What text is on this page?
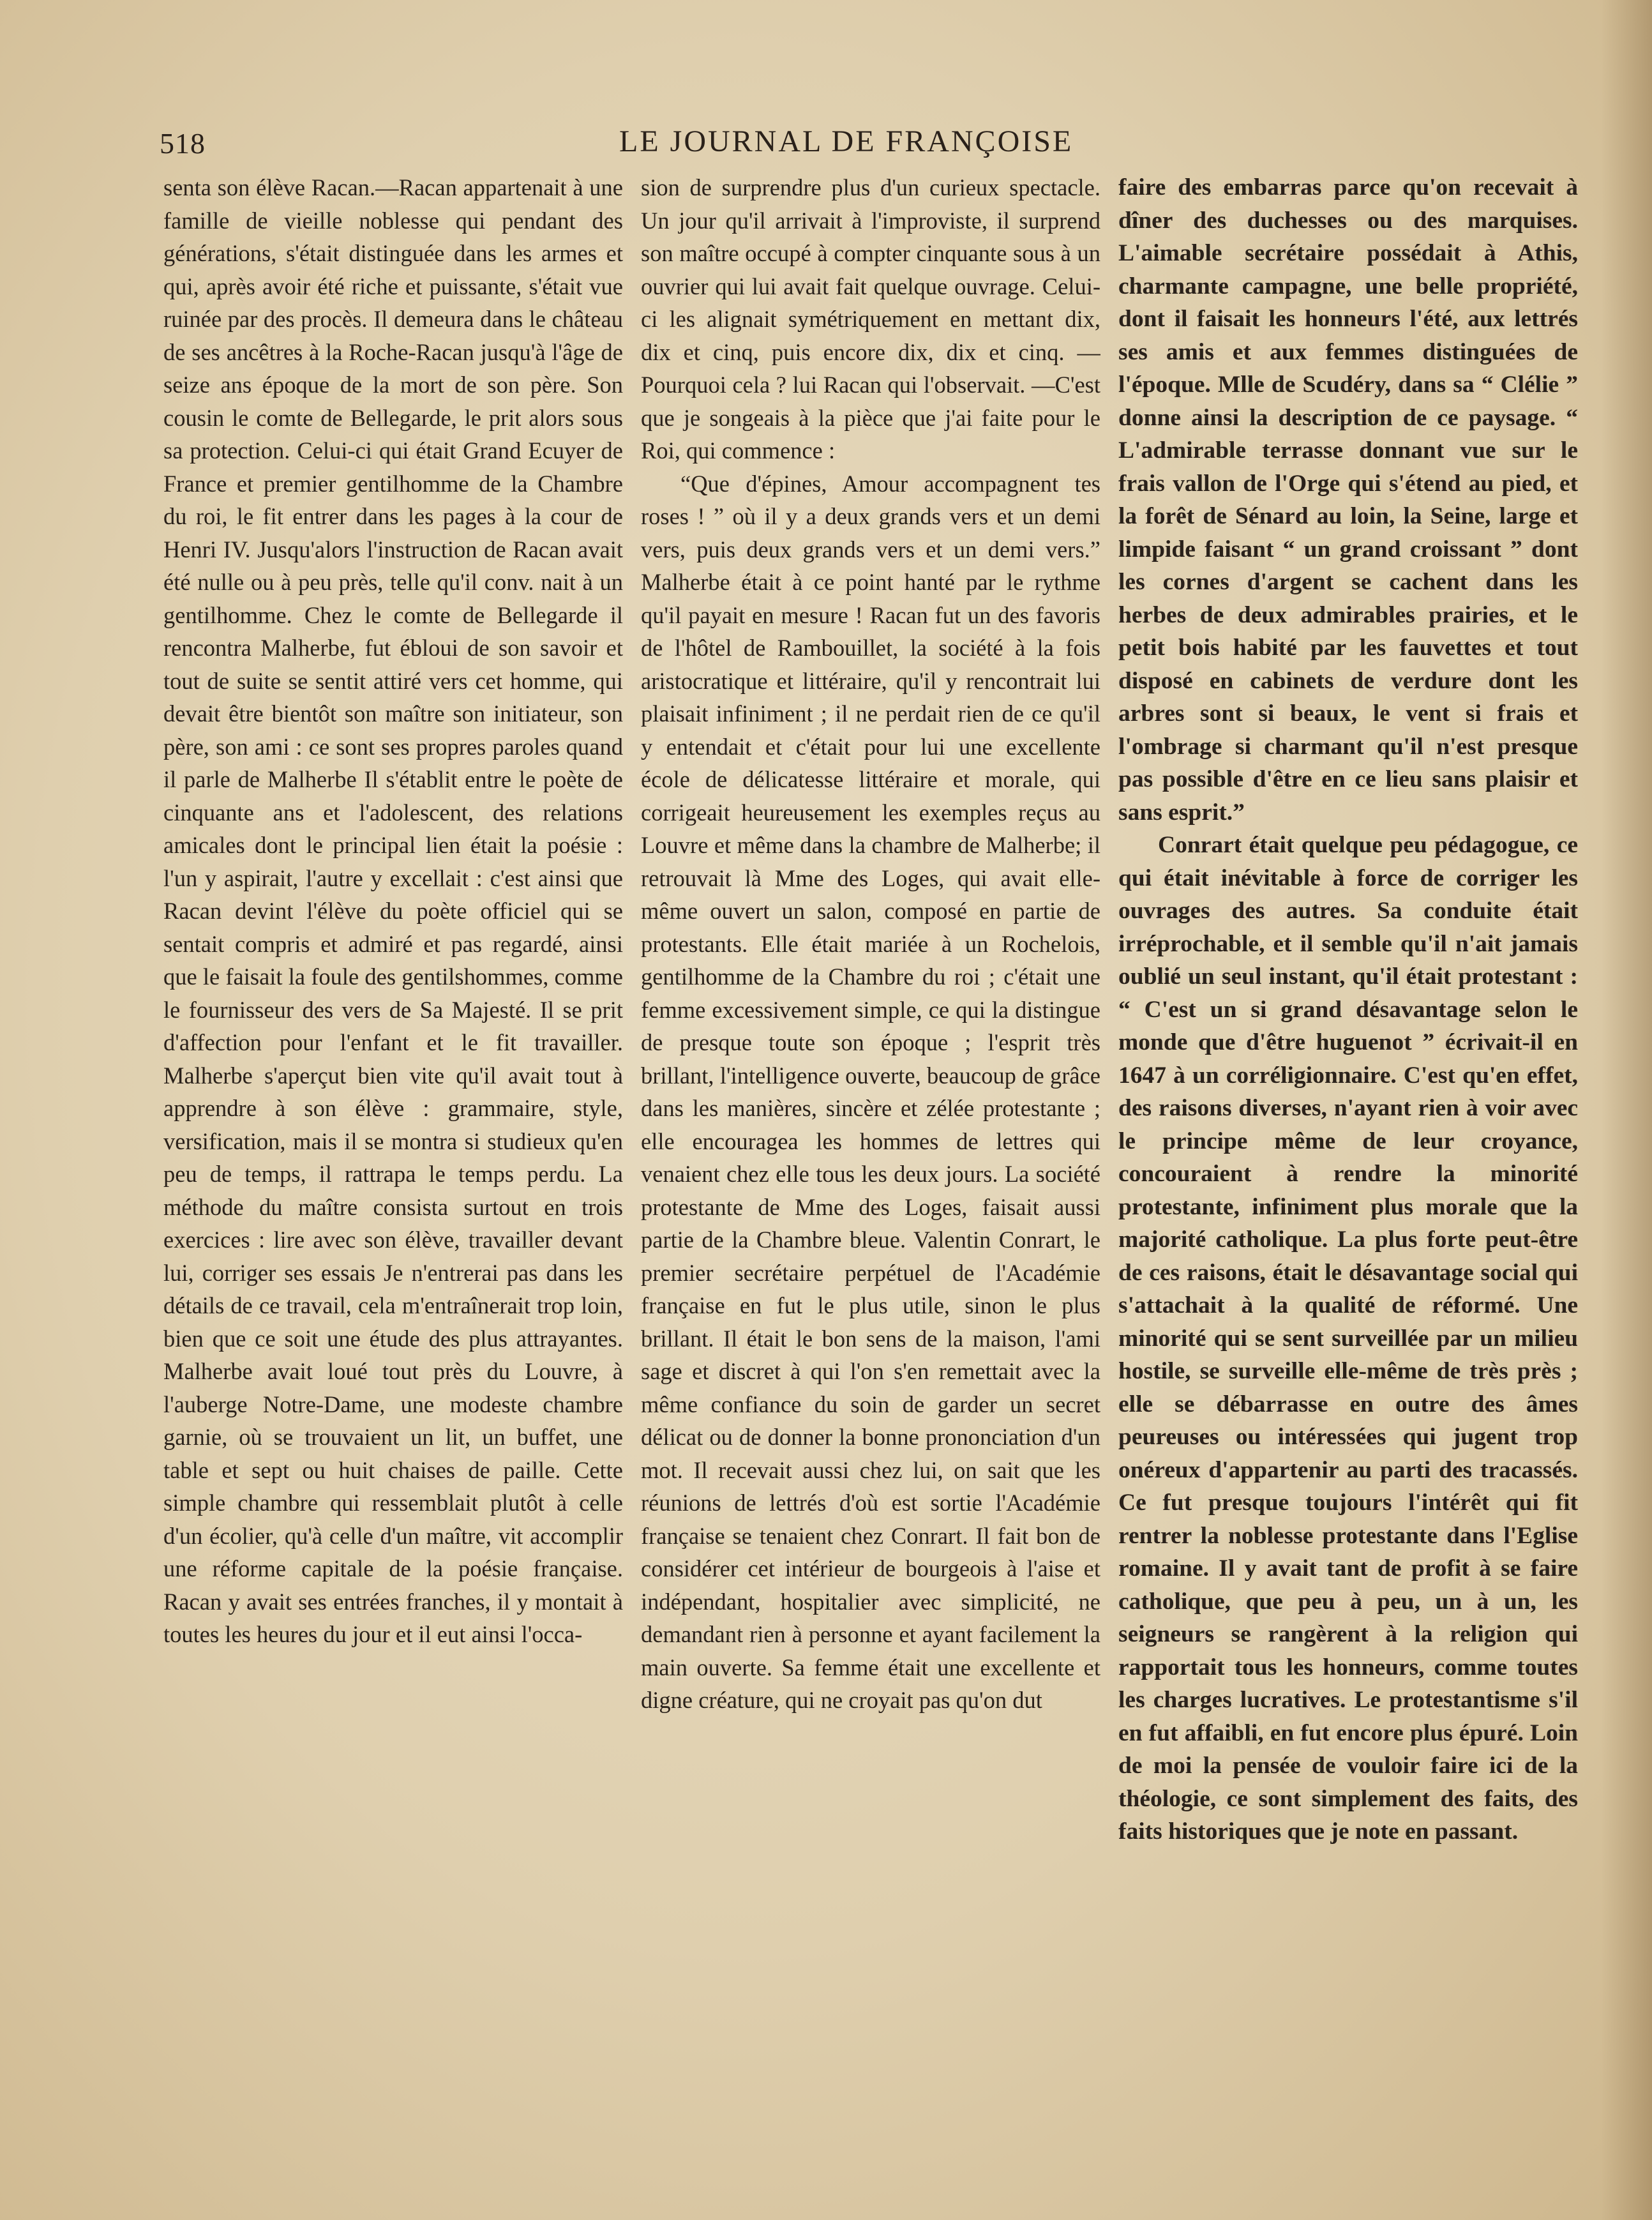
518	LE JOURNAL DE FRANÇOISE

senta son élève Racan.—Racan appartenait à une famille de vieille noblesse qui pendant des générations, s'était distinguée dans les armes et qui, après avoir été riche et puissante, s'était vue ruinée par des procès. Il demeura dans le château de ses ancêtres à la Roche-Racan jusqu'à l'âge de seize ans époque de la mort de son père. Son cousin le comte de Bellegarde, le prit alors sous sa protection. Celui-ci qui était Grand Ecuyer de France et premier gentilhomme de la Chambre du roi, le fit entrer dans les pages à la cour de Henri IV. Jusqu'alors l'instruction de Racan avait été nulle ou à peu près, telle qu'il conv. nait à un gentilhomme. Chez le comte de Bellegarde il rencontra Malherbe, fut ébloui de son savoir et tout de suite se sentit attiré vers cet homme, qui devait être bientôt son maître son initiateur, son père, son ami : ce sont ses propres paroles quand il parle de Malherbe Il s'établit entre le poète de cinquante ans et l'adolescent, des relations amicales dont le principal lien était la poésie : l'un y aspirait, l'autre y excellait : c'est ainsi que Racan devint l'élève du poète officiel qui se sentait compris et admiré et pas regardé, ainsi que le faisait la foule des gentilshommes, comme le fournisseur des vers de Sa Majesté. Il se prit d'affection pour l'enfant et le fit travailler. Malherbe s'aperçut bien vite qu'il avait tout à apprendre à son élève : grammaire, style, versification, mais il se montra si studieux qu'en peu de temps, il rattrapa le temps perdu. La méthode du maître consista surtout en trois exercices : lire avec son élève, travailler devant lui, corriger ses essais Je n'entrerai pas dans les détails de ce travail, cela m'entraînerait trop loin, bien que ce soit une étude des plus attrayantes. Malherbe avait loué tout près du Louvre, à l'auberge Notre-Dame, une modeste chambre garnie, où se trouvaient un lit, un buffet, une table et sept ou huit chaises de paille. Cette simple chambre qui ressemblait plutôt à celle d'un écolier, qu'à celle d'un maître, vit accomplir une réforme capitale de la poésie française. Racan y avait ses entrées franches, il y montait à toutes les heures du jour et il eut ainsi l'occa-

sion de surprendre plus d'un curieux spectacle. Un jour qu'il arrivait à l'improviste, il surprend son maître occupé à compter cinquante sous à un ouvrier qui lui avait fait quelque ouvrage. Celui-ci les alignait symétriquement en mettant dix, dix et cinq, puis encore dix, dix et cinq. — Pourquoi cela ? lui Racan qui l'observait. —C'est que je songeais à la pièce que j'ai faite pour le Roi, qui commence :

“Que d'épines, Amour accompagnent tes roses ! ” où il y a deux grands vers et un demi vers, puis deux grands vers et un demi vers.” Malherbe était à ce point hanté par le rythme qu'il payait en mesure ! Racan fut un des favoris de l'hôtel de Rambouillet, la société à la fois aristocratique et littéraire, qu'il y rencontrait lui plaisait infiniment ; il ne perdait rien de ce qu'il y entendait et c'était pour lui une excellente école de délicatesse littéraire et morale, qui corrigeait heureusement les exemples reçus au Louvre et même dans la chambre de Malherbe; il retrouvait là Mme des Loges, qui avait elle-même ouvert un salon, composé en partie de protestants. Elle était mariée à un Rochelois, gentilhomme de la Chambre du roi ; c'était une femme excessivement simple, ce qui la distingue de presque toute son époque ; l'esprit très brillant, l'intelligence ouverte, beaucoup de grâce dans les manières, sincère et zélée protestante ; elle encouragea les hommes de lettres qui venaient chez elle tous les deux jours. La société protestante de Mme des Loges, faisait aussi partie de la Chambre bleue. Valentin Conrart, le premier secrétaire perpétuel de l'Académie française en fut le plus utile, sinon le plus brillant. Il était le bon sens de la maison, l'ami sage et discret à qui l'on s'en remettait avec la même confiance du soin de garder un secret délicat ou de donner la bonne prononciation d'un mot. Il recevait aussi chez lui, on sait que les réunions de lettrés d'où est sortie l'Académie française se tenaient chez Conrart. Il fait bon de considérer cet intérieur de bourgeois à l'aise et indépendant, hospitalier avec simplicité, ne demandant rien à personne et ayant facilement la main ouverte. Sa femme était une excellente et digne créature, qui ne croyait pas qu'on dut

faire des embarras parce qu'on recevait à dîner des duchesses ou des marquises. L'aimable secrétaire possédait à Athis, charmante campagne, une belle propriété, dont il faisait les honneurs l'été, aux lettrés ses amis et aux femmes distinguées de l'époque. Mlle de Scudéry, dans sa “ Clélie ” donne ainsi la description de ce paysage. “ L'admirable terrasse donnant vue sur le frais vallon de l'Orge qui s'étend au pied, et la forêt de Sénard au loin, la Seine, large et limpide faisant “ un grand croissant ” dont les cornes d'argent se cachent dans les herbes de deux admirables prairies, et le petit bois habité par les fauvettes et tout disposé en cabinets de verdure dont les arbres sont si beaux, le vent si frais et l'ombrage si charmant qu'il n'est presque pas possible d'être en ce lieu sans plaisir et sans esprit.”

Conrart était quelque peu pédagogue, ce qui était inévitable à force de corriger les ouvrages des autres. Sa conduite était irréprochable, et il semble qu'il n'ait jamais oublié un seul instant, qu'il était protestant : “ C'est un si grand désavantage selon le monde que d'être huguenot ” écrivait-il en 1647 à un corréligionnaire. C'est qu'en effet, des raisons diverses, n'ayant rien à voir avec le principe même de leur croyance, concouraient à rendre la minorité protestante, infiniment plus morale que la majorité catholique. La plus forte peut-être de ces raisons, était le désavantage social qui s'attachait à la qualité de réformé. Une minorité qui se sent surveillée par un milieu hostile, se surveille elle-même de très près ; elle se débarrasse en outre des âmes peureuses ou intéressées qui jugent trop onéreux d'appartenir au parti des tracassés. Ce fut presque toujours l'intérêt qui fit rentrer la noblesse protestante dans l'Eglise romaine. Il y avait tant de profit à se faire catholique, que peu à peu, un à un, les seigneurs se rangèrent à la religion qui rapportait tous les honneurs, comme toutes les charges lucratives. Le protestantisme s'il en fut affaibli, en fut encore plus épuré. Loin de moi la pensée de vouloir faire ici de la théologie, ce sont simplement des faits, des faits historiques que je note en passant.
